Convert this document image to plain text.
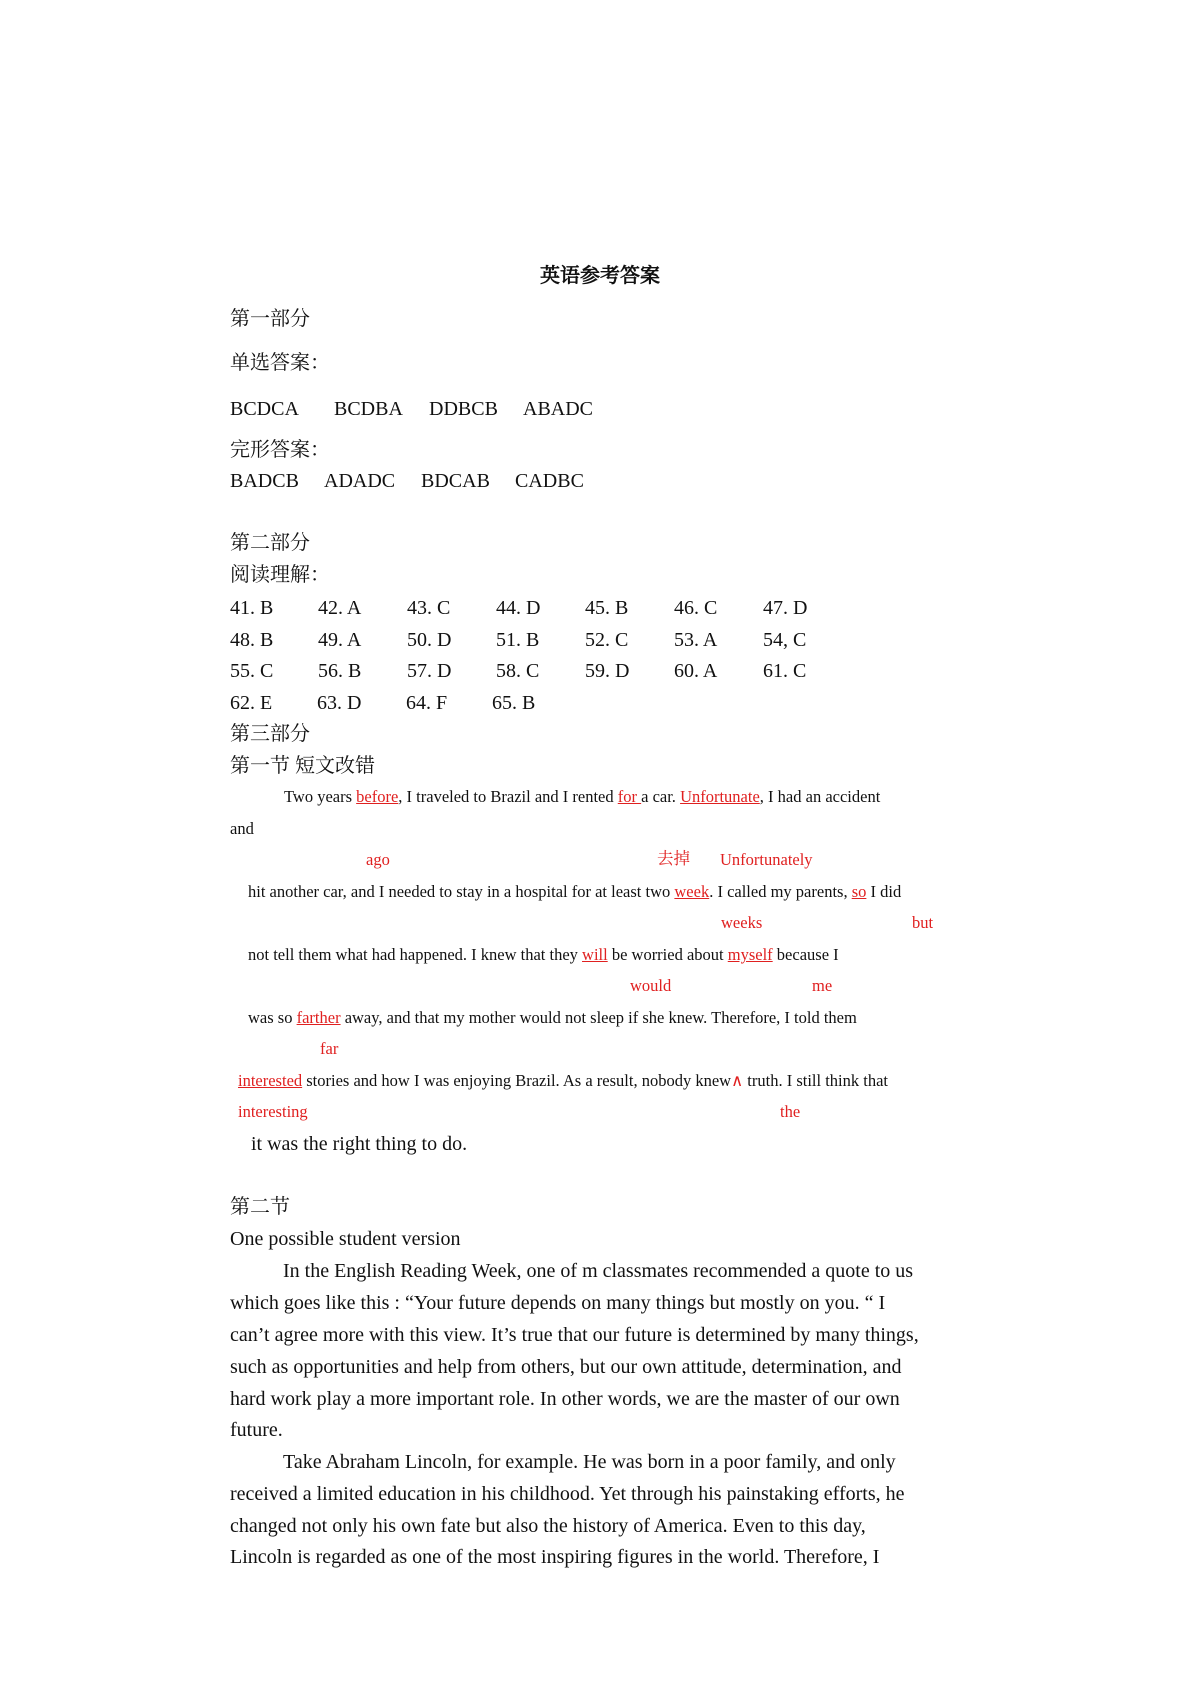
英语参考答案
第一部分
单选答案：
BCDCA BCDBA DDBCB ABADC
完形答案：
BADCB ADADC BDCAB CADBC
第二部分
阅读理解：
41. B 42. A 43. C 44. D 45. B 46. C 47. D
48. B 49. A 50. D 51. B 52. C 53. A 54, C
55. C 56. B 57. D 58. C 59. D 60. A 61. C
62. E 63. D 64. F 65. B
第三部分
第一节 短文改错
Two years before, I traveled to Brazil and I rented for a car. Unfortunate, I had an accident
and
ago	去掉 Unfortunately
hit another car, and I needed to stay in a hospital for at least two week. I called my parents, so I did
weeks	but
not tell them what had happened. I knew that they will be worried about myself because I
would	me
was so farther away, and that my mother would not sleep if she knew. Therefore, I told them
far
interested stories and how I was enjoying Brazil. As a result, nobody knew∧ truth. I still think that
interesting	the
it was the right thing to do.
第二节
One possible student version
In the English Reading Week, one of m classmates recommended a quote to us
which goes like this : “Your future depends on many things but mostly on you. “ I
can’t agree more with this view. It’s true that our future is determined by many things,
such as opportunities and help from others, but our own attitude, determination, and
hard work play a more important role. In other words, we are the master of our own
future.
Take Abraham Lincoln, for example. He was born in a poor family, and only
received a limited education in his childhood. Yet through his painstaking efforts, he
changed not only his own fate but also the history of America. Even to this day,
Lincoln is regarded as one of the most inspiring figures in the world. Therefore, I
